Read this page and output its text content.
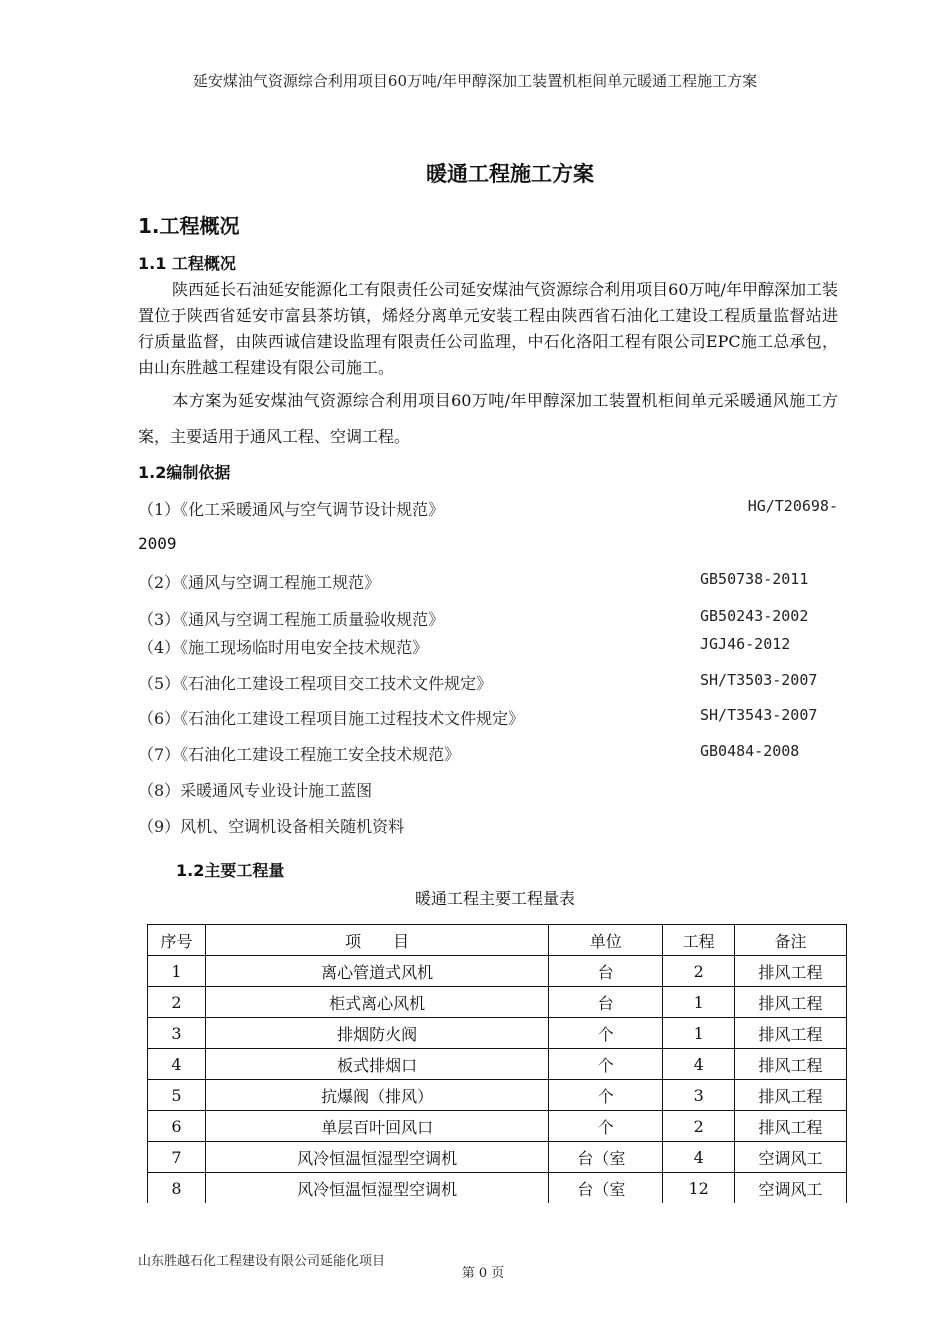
延安煤油气资源综合利用项目60万吨/年甲醇深加工装置机柜间单元暖通工程施工方案
暖通工程施工方案
1.工程概况
1.1 工程概况
陕西延长石油延安能源化工有限责任公司延安煤油气资源综合利用项目60万吨/年甲醇深加工装置位于陕西省延安市富县茶坊镇，烯烃分离单元安装工程由陕西省石油化工建设工程质量监督站进行质量监督，由陕西诚信建设监理有限责任公司监理，中石化洛阳工程有限公司EPC施工总承包，由山东胜越工程建设有限公司施工。
本方案为延安煤油气资源综合利用项目60万吨/年甲醇深加工装置机柜间单元采暖通风施工方案，主要适用于通风工程、空调工程。
1.2编制依据
（1）《化工采暖通风与空气调节设计规范》	HG/T20698-
2009
（2）《通风与空调工程施工规范》	GB50738-2011
（3）《通风与空调工程施工质量验收规范》	GB50243-2002
（4）《施工现场临时用电安全技术规范》	JGJ46-2012
（5）《石油化工建设工程项目交工技术文件规定》	SH/T3503-2007
（6）《石油化工建设工程项目施工过程技术文件规定》	SH/T3543-2007
（7）《石油化工建设工程施工安全技术规范》	GB0484-2008
（8）采暖通风专业设计施工蓝图
（9）风机、空调机设备相关随机资料
1.2主要工程量
暖通工程主要工程量表
序号	项　　目	单位	工程	备注
1	离心管道式风机	台	2	排风工程
2	柜式离心风机	台	1	排风工程
3	排烟防火阀	个	1	排风工程
4	板式排烟口	个	4	排风工程
5	抗爆阀（排风）	个	3	排风工程
6	单层百叶回风口	个	2	排风工程
7	风冷恒温恒湿型空调机	台（室	4	空调风工
8	风冷恒温恒湿型空调机	台（室	12	空调风工
山东胜越石化工程建设有限公司延能化项目
第 0 页
